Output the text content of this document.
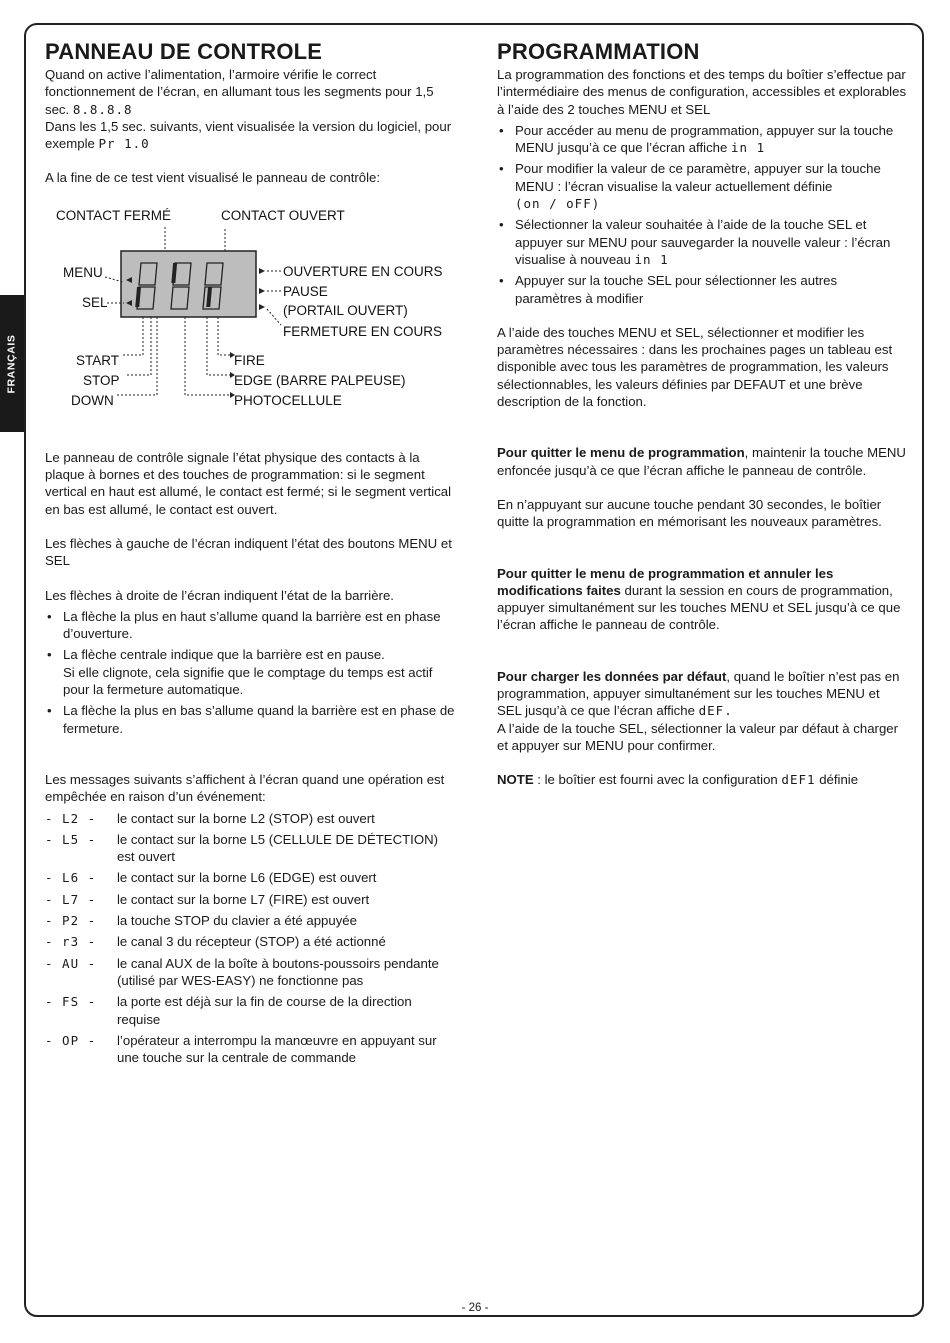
FRANÇAIS
PANNEAU DE CONTROLE

Quand on active l’alimentation, l’armoire vérifie le correct fonctionnement de l’écran, en allumant tous les segments pour 1,5 sec. 8.8.8.8

Dans les 1,5 sec. suivants, vient visualisée la version du logiciel, pour exemple Pr 1.0

A la fine de ce test vient visualisé le panneau de contrôle:

CONTACT FERMÉ	CONTACT OUVERT
MENU
SEL
OUVERTURE EN COURS
PAUSE
(PORTAIL OUVERT)
FERMETURE EN COURS
START
STOP
DOWN
FIRE
EDGE (BARRE PALPEUSE)
PHOTOCELLULE

Le panneau de contrôle signale l’état physique des contacts à la plaque à bornes et des touches de programmation: si le segment vertical en haut est allumé, le contact est fermé; si le segment vertical en bas est allumé, le contact est ouvert.

Les flèches à gauche de l’écran indiquent l’état des boutons MENU et SEL

Les flèches à droite de l’écran indiquent l’état de la barrière.

• La flèche la plus en haut s’allume quand la barrière est en phase d’ouverture.
• La flèche centrale indique que la barrière est en pause.
Si elle clignote, cela signifie que le comptage du temps est actif pour la fermeture automatique.
• La flèche la plus en bas s’allume quand la barrière est en phase de fermeture.

Les messages suivants s’affichent à l’écran quand une opération est empêchée en raison d’un événement:

- L2 -	le contact sur la borne L2 (STOP) est ouvert
- L5 -	le contact sur la borne L5 (CELLULE DE DÉTECTION) est ouvert
- L6 -	le contact sur la borne L6 (EDGE) est ouvert
- L7 -	le contact sur la borne L7 (FIRE) est ouvert
- P2 -	la touche STOP du clavier a été appuyée
- r3 -	le canal 3 du récepteur (STOP) a été actionné
- AU -	le canal AUX de la boîte à boutons-poussoirs pendante (utilisé par WES-EASY) ne fonctionne pas
- FS -	la porte est déjà sur la fin de course de la direction requise
- OP -	l’opérateur a interrompu la manœuvre en appuyant sur une touche sur la centrale de commande
PROGRAMMATION

La programmation des fonctions et des temps du boîtier s’effectue par l’intermédiaire des menus de configuration, accessibles et explorables à l’aide des 2 touches MENU et SEL

• Pour accéder au menu de programmation, appuyer sur la touche MENU jusqu’à ce que l’écran affiche in 1
• Pour modifier la valeur de ce paramètre, appuyer sur la touche MENU : l’écran visualise la valeur actuellement définie
(on / oFF)
• Sélectionner la valeur souhaitée à l’aide de la touche SEL et appuyer sur MENU pour sauvegarder la nouvelle valeur : l’écran visualise à nouveau in 1
• Appuyer sur la touche SEL pour sélectionner les autres paramètres à modifier

A l’aide des touches MENU et SEL, sélectionner et modifier les paramètres nécessaires : dans les prochaines pages un tableau est disponible avec tous les paramètres de programmation, les valeurs sélectionnables, les valeurs définies par DEFAUT et une brève description de la fonction.

Pour quitter le menu de programmation, maintenir la touche MENU enfoncée jusqu’à ce que l’écran affiche le panneau de contrôle.

En n’appuyant sur aucune touche pendant 30 secondes, le boîtier quitte la programmation en mémorisant les nouveaux paramètres.

Pour quitter le menu de programmation et annuler les modifications faites durant la session en cours de programmation, appuyer simultanément sur les touches MENU et SEL jusqu’à ce que l’écran affiche le panneau de contrôle.

Pour charger les données par défaut, quand le boîtier n’est pas en programmation, appuyer simultanément sur les touches MENU et SEL jusqu’à ce que l’écran affiche dEF.
A l’aide de la touche SEL, sélectionner la valeur par défaut à charger et appuyer sur MENU pour confirmer.

NOTE : le boîtier est fourni avec la configuration dEF1 définie

- 26 -
